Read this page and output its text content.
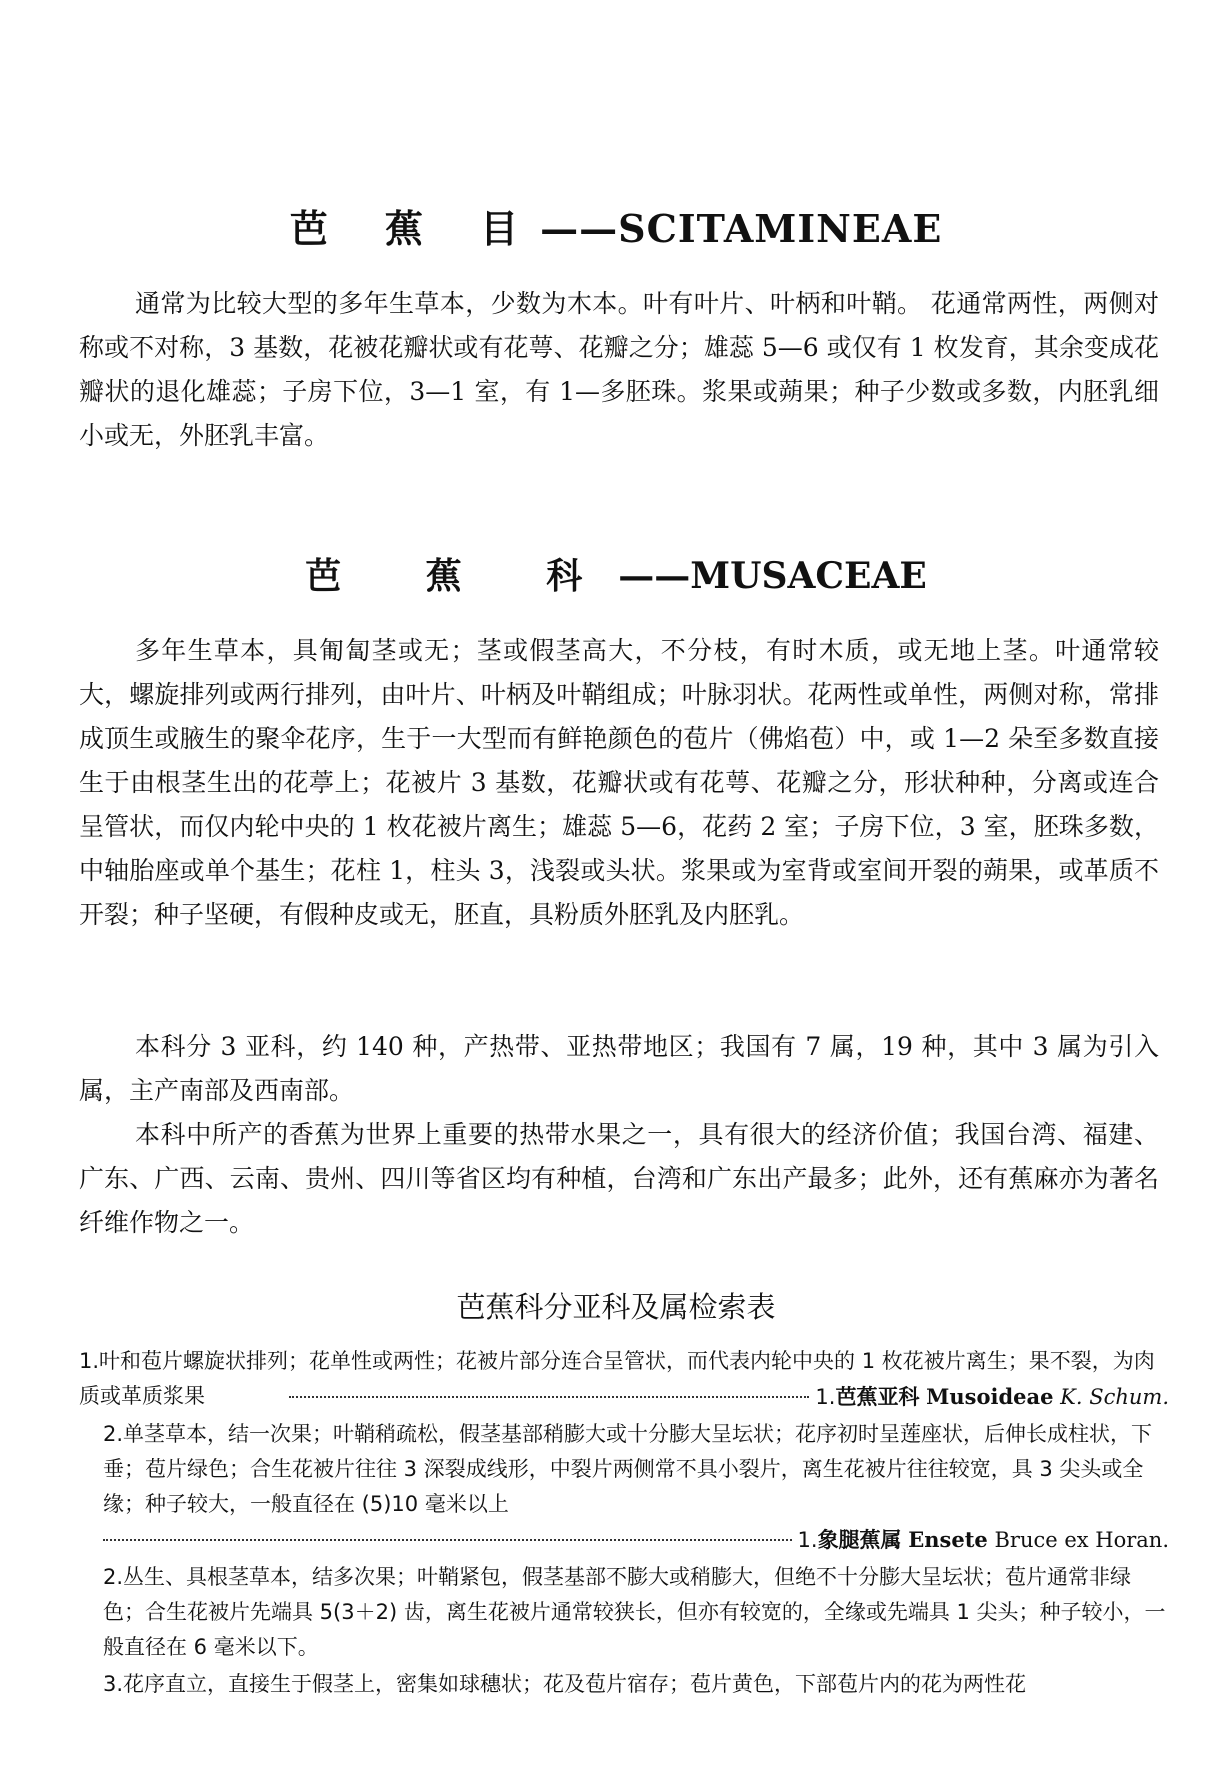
芭 蕉 目——SCITAMINEAE

通常为比较大型的多年生草本，少数为木本。叶有叶片、叶柄和叶鞘。 花通常两性，两侧对称或不对称，3 基数，花被花瓣状或有花萼、花瓣之分；雄蕊 5—6 或仅有 1 枚发育，其余变成花瓣状的退化雄蕊；子房下位，3—1 室，有 1—多胚珠。浆果或蒴果；种子少数或多数，内胚乳细小或无，外胚乳丰富。

芭 蕉 科——MUSACEAE

多年生草本，具匍匐茎或无；茎或假茎高大，不分枝，有时木质，或无地上茎。叶通常较大，螺旋排列或两行排列，由叶片、叶柄及叶鞘组成；叶脉羽状。花两性或单性，两侧对称，常排成顶生或腋生的聚伞花序，生于一大型而有鲜艳颜色的苞片（佛焰苞）中，或 1—2 朵至多数直接生于由根茎生出的花葶上；花被片 3 基数，花瓣状或有花萼、花瓣之分，形状种种，分离或连合呈管状，而仅内轮中央的 1 枚花被片离生；雄蕊 5—6，花药 2 室；子房下位，3 室，胚珠多数，中轴胎座或单个基生；花柱 1，柱头 3，浅裂或头状。浆果或为室背或室间开裂的蒴果，或革质不开裂；种子坚硬，有假种皮或无，胚直，具粉质外胚乳及内胚乳。

本科分 3 亚科，约 140 种，产热带、亚热带地区；我国有 7 属，19 种，其中 3 属为引入属，主产南部及西南部。

本科中所产的香蕉为世界上重要的热带水果之一，具有很大的经济价值；我国台湾、福建、广东、广西、云南、贵州、四川等省区均有种植，台湾和广东出产最多；此外，还有蕉麻亦为著名纤维作物之一。

芭蕉科分亚科及属检索表
1.叶和苞片螺旋状排列；花单性或两性；花被片部分连合呈管状，而代表内轮中央的 1 枚花被片离生；果不裂，为肉质或革质浆果	1. 芭蕉亚科
Musoideae
K. Schum.
2.单茎草本，结一次果；叶鞘稍疏松，假茎基部稍膨大或十分膨大呈坛状；花序初时呈莲座状，后伸长成柱状，下垂；苞片绿色；合生花被片往往 3 深裂成线形，中裂片两侧常不具小裂片，离生花被片往往较宽，具 3 尖头或全缘；种子较大，一般直径在 (5)10 毫米以上
1. 象腿蕉属
Ensete
Bruce ex Horan.
2.丛生、具根茎草本，结多次果；叶鞘紧包，假茎基部不膨大或稍膨大，但绝不十分膨大呈坛状；苞片通常非绿色；合生花被片先端具 5(3＋2) 齿，离生花被片通常较狭长，但亦有较宽的，全缘或先端具 1 尖头；种子较小，一般直径在 6 毫米以下。
3.花序直立，直接生于假茎上，密集如球穗状；花及苞片宿存；苞片黄色，下部苞片内的花为两性花
